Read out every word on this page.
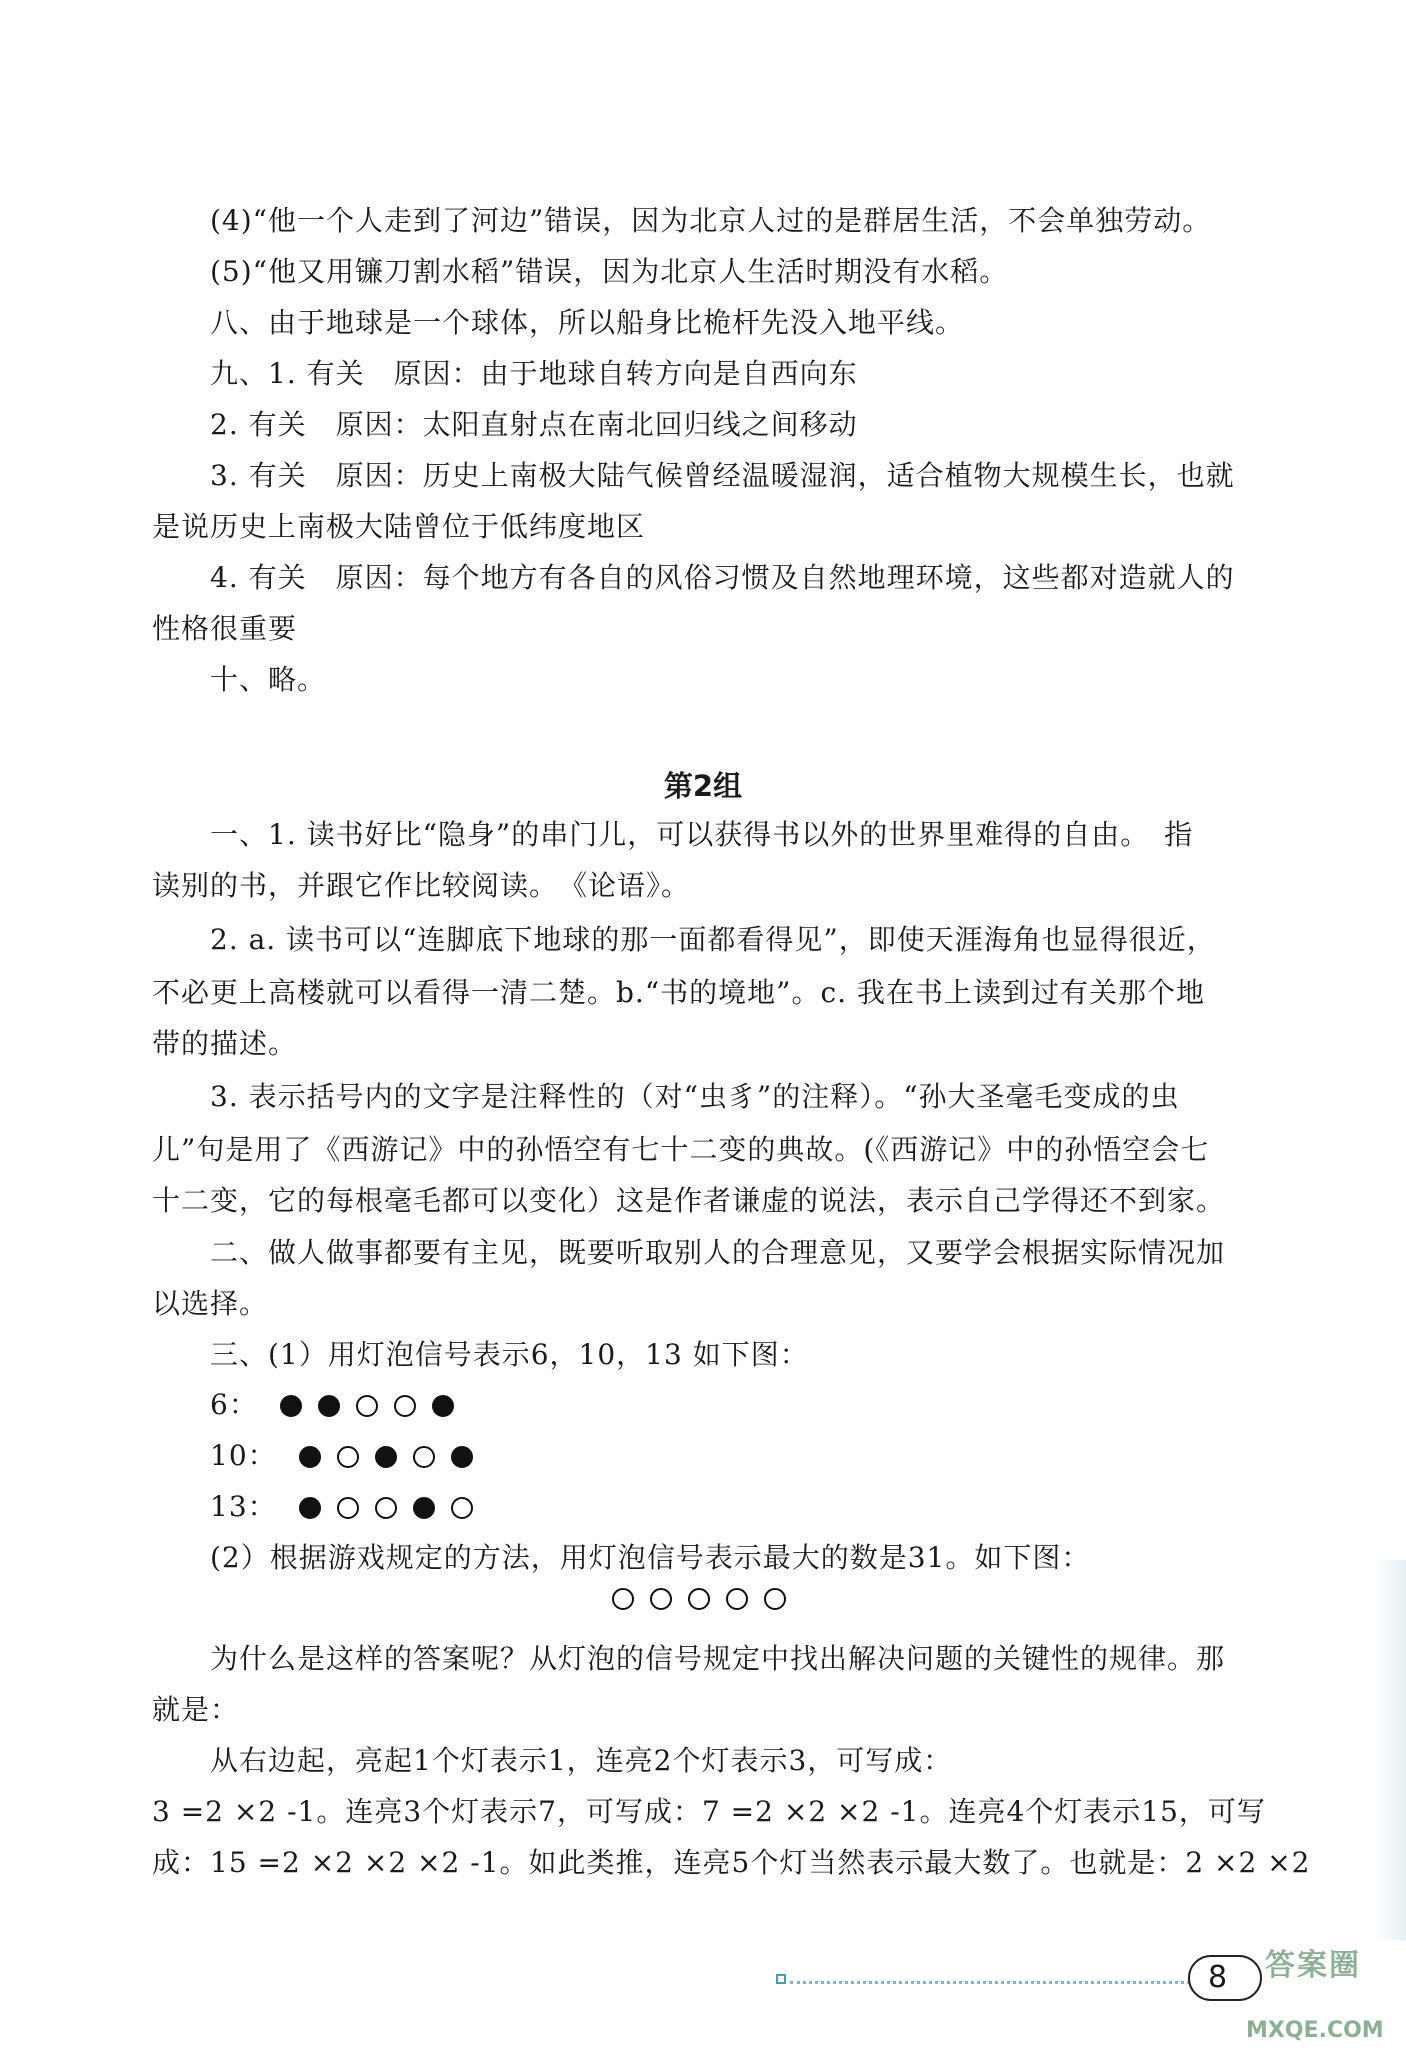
(4)“他一个人走到了河边”错误，因为北京人过的是群居生活，不会单独劳动。
(5)“他又用镰刀割水稻”错误，因为北京人生活时期没有水稻。
八、由于地球是一个球体，所以船身比桅杆先没入地平线。
九、1. 有关　原因：由于地球自转方向是自西向东
2. 有关　原因：太阳直射点在南北回归线之间移动
3. 有关　原因：历史上南极大陆气候曾经温暖湿润，适合植物大规模生长，也就
是说历史上南极大陆曾位于低纬度地区
4. 有关　原因：每个地方有各自的风俗习惯及自然地理环境，这些都对造就人的
性格很重要
十、略。
第2组
一、1. 读书好比“隐身”的串门儿，可以获得书以外的世界里难得的自由。　指
读别的书，并跟它作比较阅读。　《论语》。
2. a. 读书可以“连脚底下地球的那一面都看得见”，即使天涯海角也显得很近，
不必更上高楼就可以看得一清二楚。b.“书的境地”。c. 我在书上读到过有关那个地
带的描述。
3. 表示括号内的文字是注释性的（对“虫豸”的注释）。“孙大圣毫毛变成的虫
儿”句是用了《西游记》中的孙悟空有七十二变的典故。(《西游记》中的孙悟空会七
十二变，它的每根毫毛都可以变化）这是作者谦虚的说法，表示自己学得还不到家。
二、做人做事都要有主见，既要听取别人的合理意见，又要学会根据实际情况加
以选择。
三、(1）用灯泡信号表示6，10，13 如下图：
6：
10：
13：
(2）根据游戏规定的方法，用灯泡信号表示最大的数是31。如下图：
为什么是这样的答案呢？从灯泡的信号规定中找出解决问题的关键性的规律。那
就是：
从右边起，亮起1个灯表示1，连亮2个灯表示3，可写成：
3 =2 ×2 -1。连亮3个灯表示7，可写成：7 =2 ×2 ×2 -1。连亮4个灯表示15，可写
成：15 =2 ×2 ×2 ×2 -1。如此类推，连亮5个灯当然表示最大数了。也就是：2 ×2 ×2
8 答案圈
MXQE.COM
